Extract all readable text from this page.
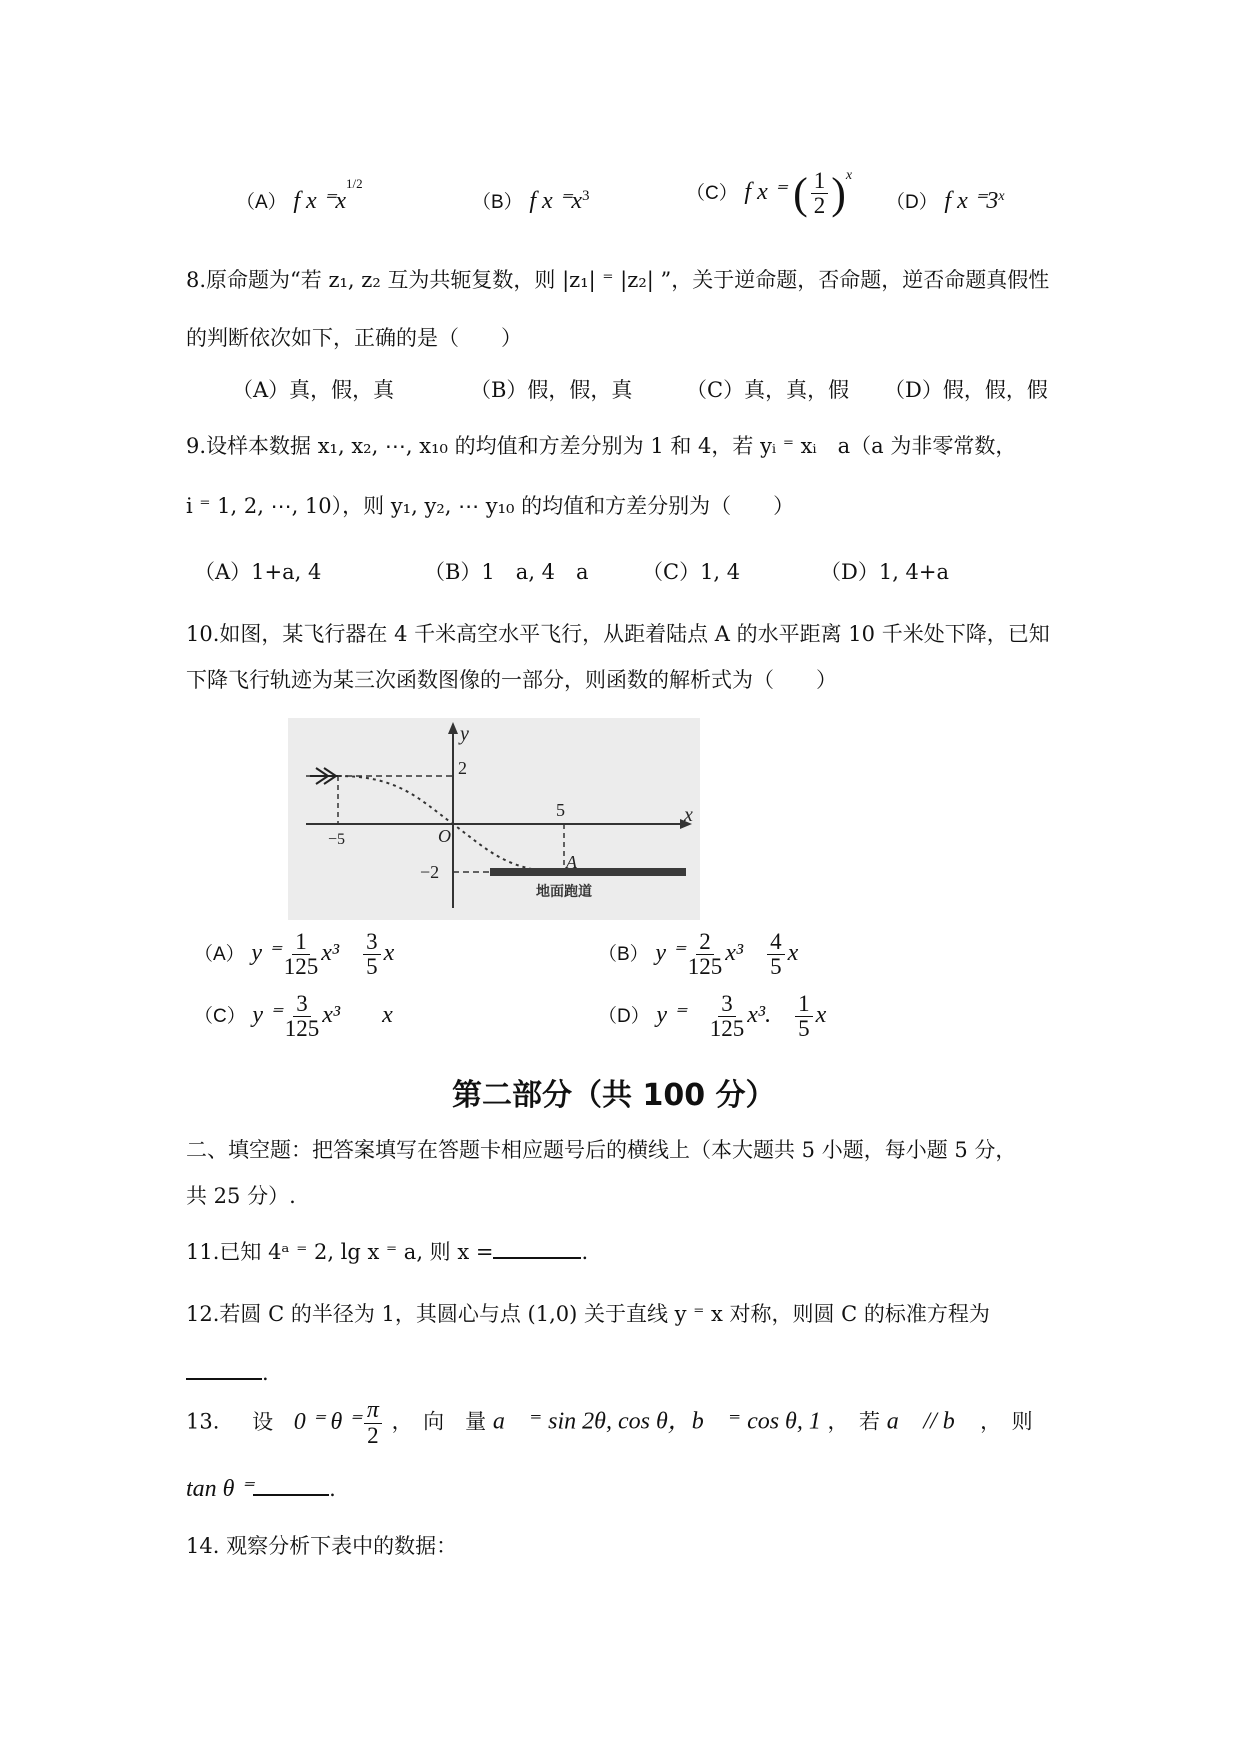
（A） f x $^=x^{1/2}$
（B） f x $^=x^3$	（C） f x ⁼ ( $\frac{1}{2} )^x$
（D） f x ⁼3$^x$
8.原命题为“若 z₁, z₂ 互为共轭复数，则 |z₁| ⁼ |z₂| ”，关于逆命题，否命题，逆否命题真假性
的判断依次如下，正确的是（　　）
（A）真，假，真	（B）假，假，真	（C）真，真，假 （D）假，假，假
9.设样本数据 x₁, x₂, ⋯, x₁₀ 的均值和方差分别为 1 和 4，若 yᵢ ⁼ xᵢ　a（a 为非零常数，
i ⁼ 1, 2, ⋯, 10），则 y₁, y₂, ⋯ y₁₀ 的均值和方差分别为（　　）
（A）1+a, 4	（B）1　a, 4　a	（C）1, 4	（D）1, 4+a
10.如图，某飞行器在 4 千米高空水平飞行，从距着陆点 A 的水平距离 10 千米处下降，已知
下降飞行轨迹为某三次函数图像的一部分，则函数的解析式为（　　）
x
y
地面跑道
2
−2
−5
5
O
A
（A） y ⁼ $\frac{1}{125} x^3$　 $\frac{3}{5}$ x	（B） y ⁼ $\frac{2}{125} x^3$　 $\frac{4}{5}$ x
（C） y ⁼ $\frac{3}{125} x^3$　　 x	（D） y ⁼　 $\frac{3}{125} x^3$.　 $\frac{1}{5}$ x
第二部分（共 100 分）
二、填空题：把答案填写在答题卡相应题号后的横线上（本大题共 5 小题，每小题 5 分，
共 25 分）.
11.已知 4ᵃ ⁼ 2, lg x ⁼ a, 则 x =	.
12.若圆 C 的半径为 1，其圆心与点 (1,0) 关于直线 y ⁼ x 对称，则圆 C 的标准方程为
.
13. 设 0 ⁼ θ ⁼ $\frac{\pi}{2}$ ，　向　量 a⃗ ⁼ sin 2θ, cos θ，b⃗ ⁼ cos θ, 1 ，　若 a⃗ // b⃗ ，　则
tan θ ⁼	.
14. 观察分析下表中的数据：
